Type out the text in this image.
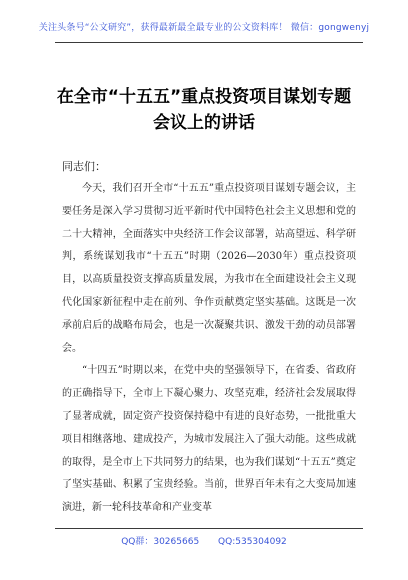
关注头条号“公文研究”，获得最新最全最专业的公文资料库！ 微信：gongwenyj
在全市“十五五”重点投资项目谋划专题
会议上的讲话
同志们：

今天，我们召开全市“十五五”重点投资项目谋划专题会议，主要任务是深入学习贯彻习近平新时代中国特色社会主义思想和党的二十大精神，全面落实中央经济工作会议部署，站高望远、科学研判，系统谋划我市“十五五”时期（2026—2030年）重点投资项目，以高质量投资支撑高质量发展，为我市在全面建设社会主义现代化国家新征程中走在前列、争作贡献奠定坚实基础。这既是一次承前启后的战略布局会，也是一次凝聚共识、激发干劲的动员部署会。

“十四五”时期以来，在党中央的坚强领导下，在省委、省政府的正确指导下，全市上下凝心聚力、攻坚克难，经济社会发展取得了显著成就，固定资产投资保持稳中有进的良好态势，一批批重大项目相继落地、建成投产，为城市发展注入了强大动能。这些成就的取得，是全市上下共同努力的结果，也为我们谋划“十五五”奠定了坚实基础、积累了宝贵经验。当前，世界百年未有之大变局加速演进，新一轮科技革命和产业变革

QQ群：30265665 QQ:535304092
